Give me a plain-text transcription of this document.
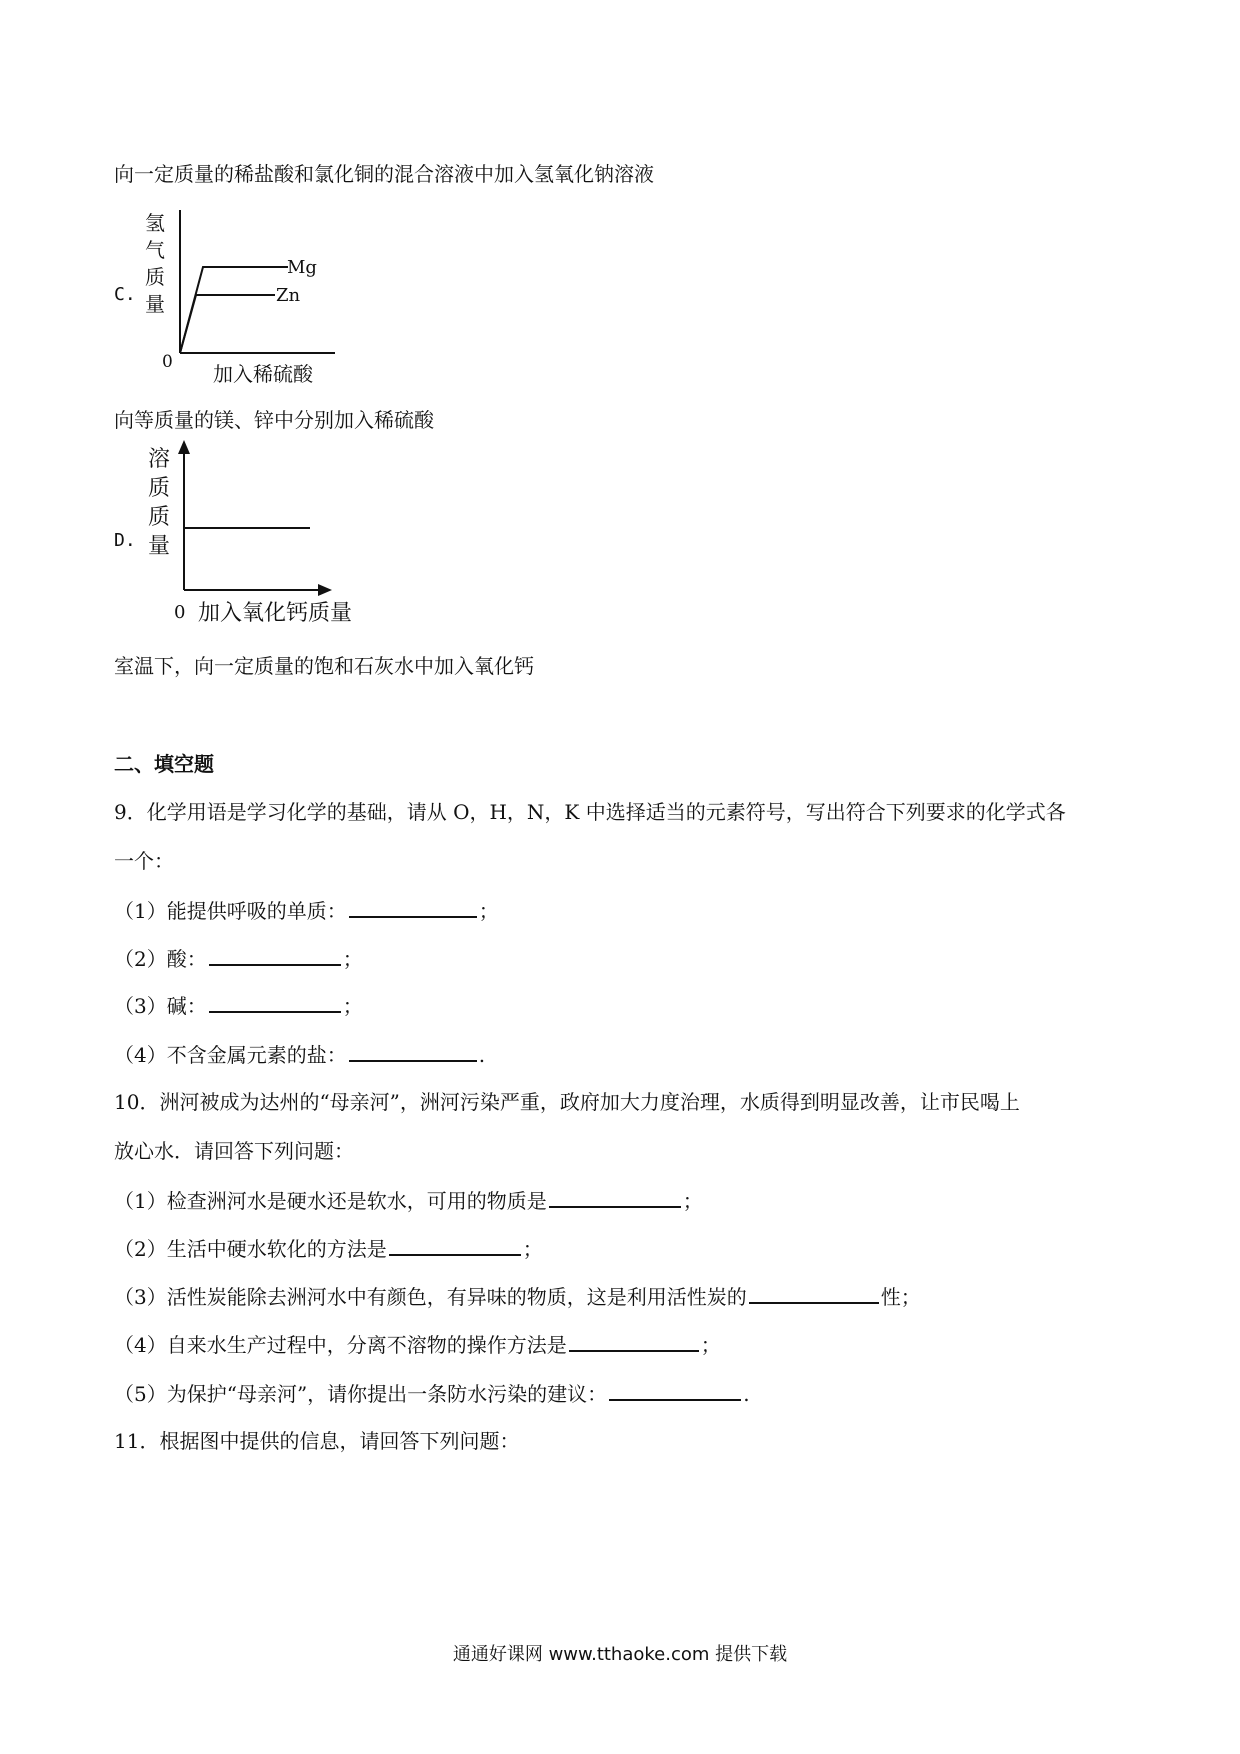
向一定质量的稀盐酸和氯化铜的混合溶液中加入氢氧化钠溶液
C.
氢
气
质
量
Mg
Zn
0 加入稀硫酸
向等质量的镁、锌中分别加入稀硫酸
D.
溶
质
质
量
0 加入氧化钙质量
室温下，向一定质量的饱和石灰水中加入氧化钙
二、填空题
9．化学用语是学习化学的基础，请从 O，H，N，K 中选择适当的元素符号，写出符合下列要求的化学式各
一个：
（1）能提供呼吸的单质：	；
（2）酸：	；
（3）碱：	；
（4）不含金属元素的盐：	.
10．洲河被成为达州的“母亲河”，洲河污染严重，政府加大力度治理，水质得到明显改善，让市民喝上
放心水．请回答下列问题：
（1）检查洲河水是硬水还是软水，可用的物质是	；
（2）生活中硬水软化的方法是	；
（3）活性炭能除去洲河水中有颜色，有异味的物质，这是利用活性炭的	性；
（4）自来水生产过程中，分离不溶物的操作方法是	；
（5）为保护“母亲河”，请你提出一条防水污染的建议：	.
11．根据图中提供的信息，请回答下列问题：
通通好课网 www.tthaoke.com 提供下载
